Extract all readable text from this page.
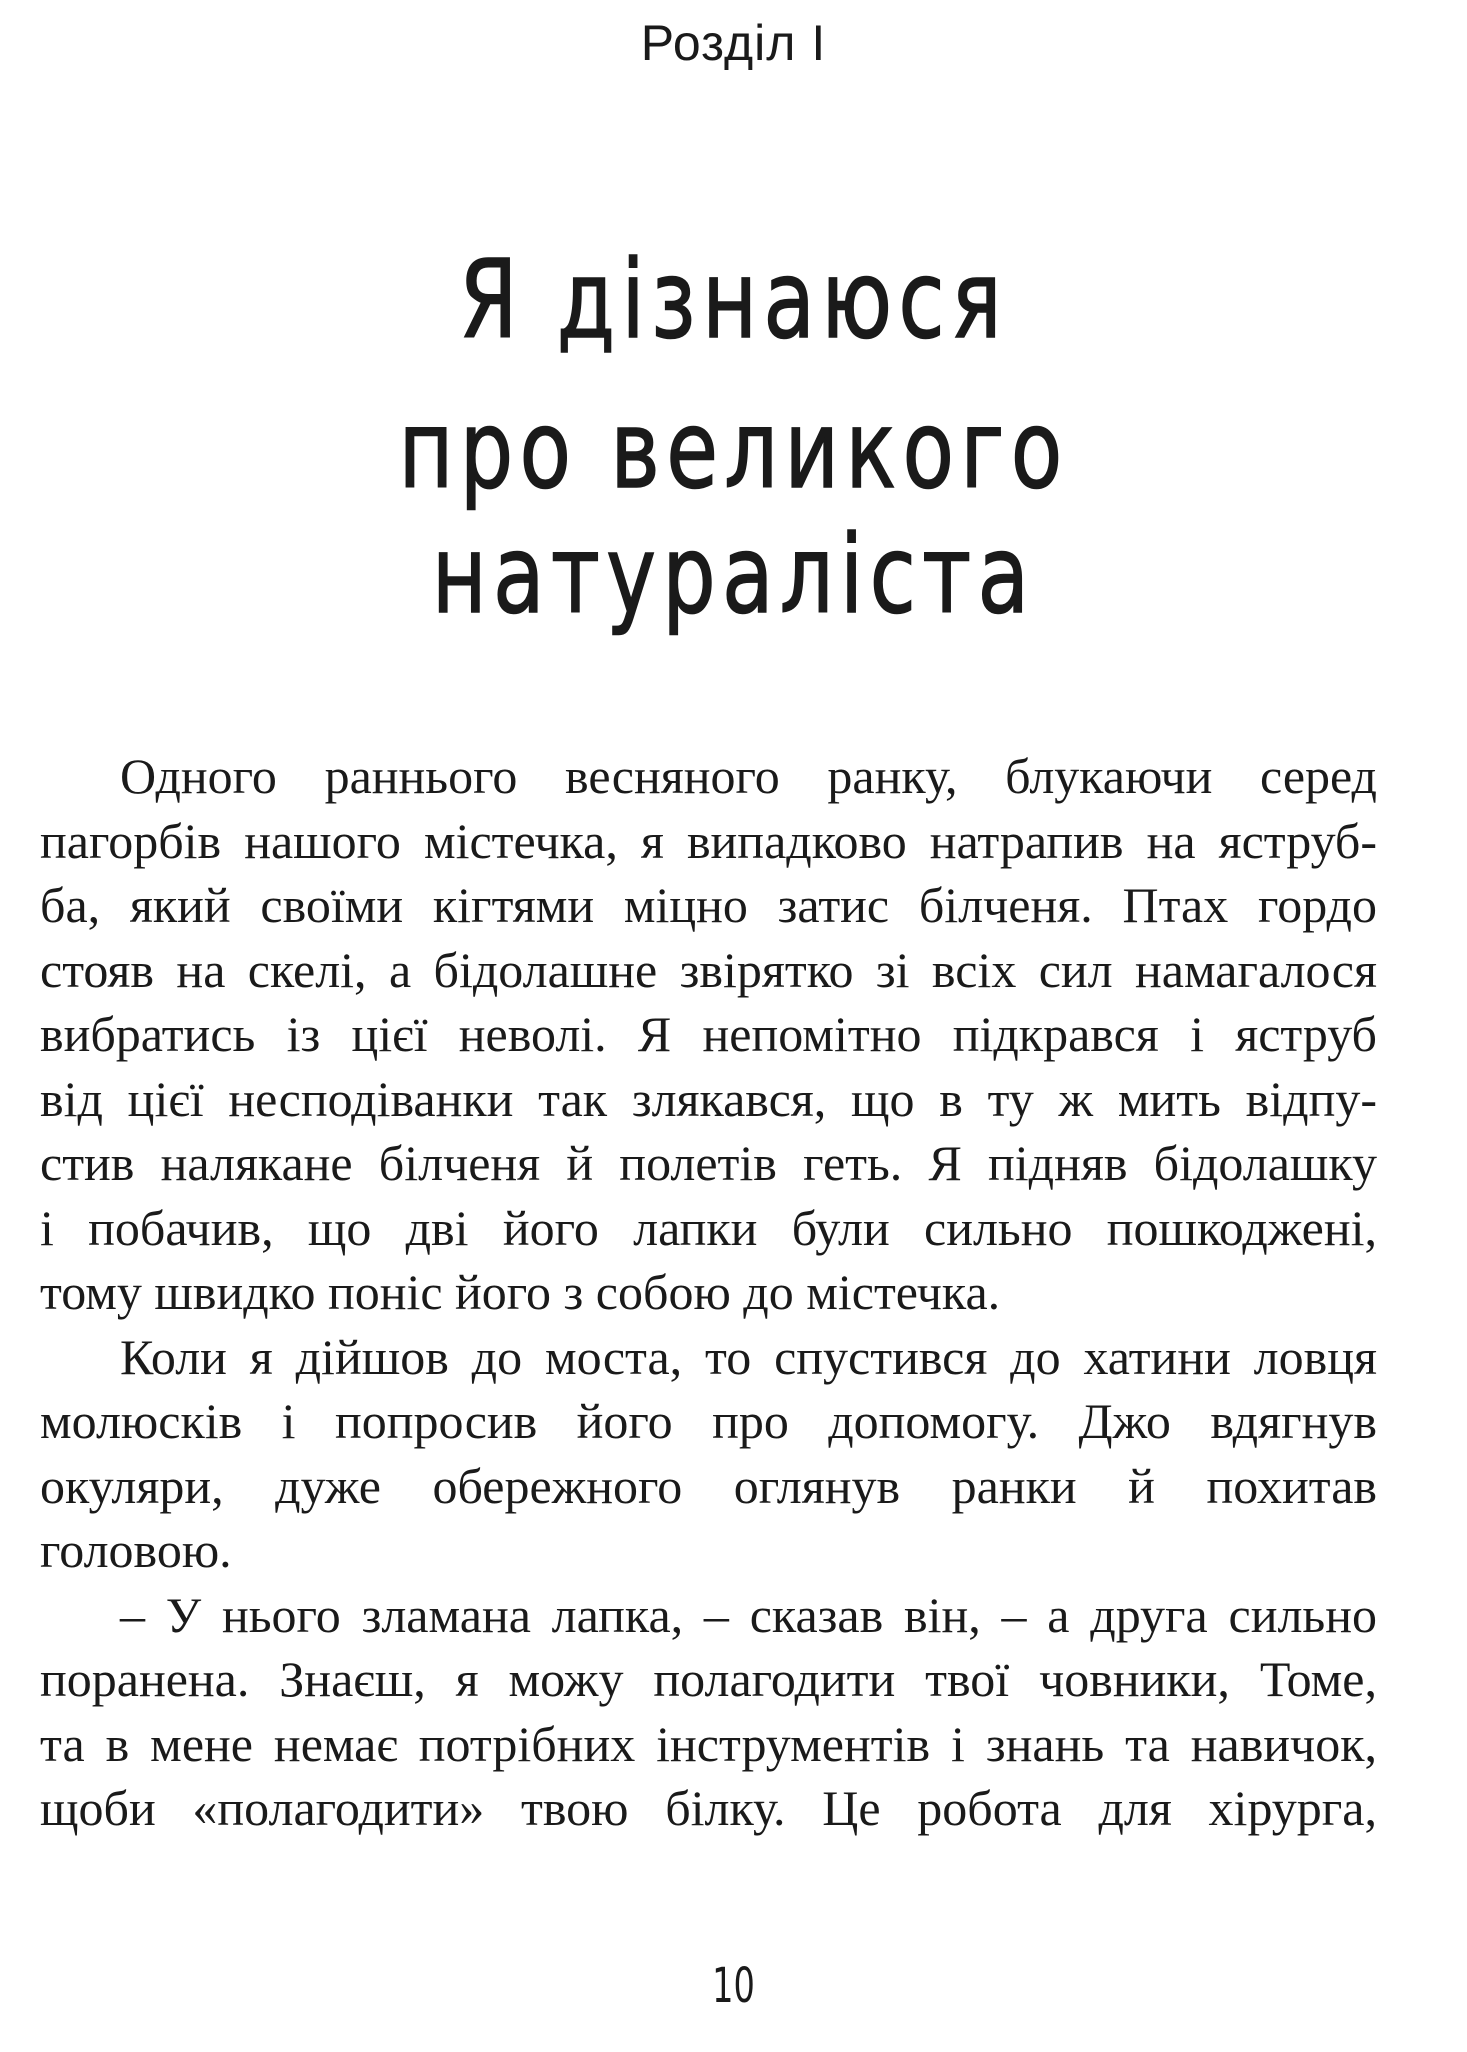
Розділ І
Я дізнаюся
про великого натураліста
Одного раннього весняного ранку, блукаючи серед
пагорбів нашого містечка, я випадково натрапив на яструб-
ба, який своїми кігтями міцно затис білченя. Птах гордо
стояв на скелі, а бідолашне звірятко зі всіх сил намагалося
вибратись із цієї неволі. Я непомітно підкрався і яструб
від цієї несподіванки так злякався, що в ту ж мить відпу-
стив налякане білченя й полетів геть. Я підняв бідолашку
і побачив, що дві його лапки були сильно пошкоджені,
тому швидко поніс його з собою до містечка.
Коли я дійшов до моста, то спустився до хатини ловця
молюсків і попросив його про допомогу. Джо вдягнув
окуляри, дуже обережного оглянув ранки й похитав
головою.
– У нього зламана лапка, – сказав він, – а друга сильно
поранена. Знаєш, я можу полагодити твої човники, Томе,
та в мене немає потрібних інструментів і знань та навичок,
щоби «полагодити» твою білку. Це робота для хірурга,
10
